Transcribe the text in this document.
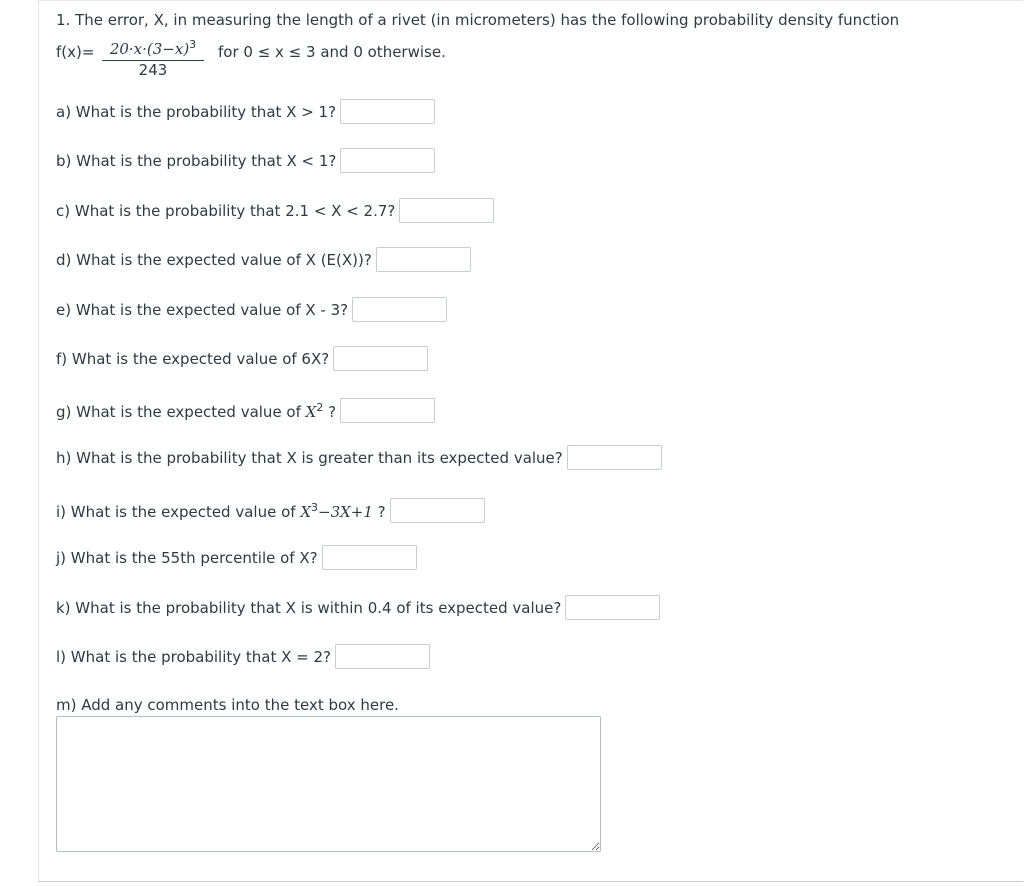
1. The error, X, in measuring the length of a rivet (in micrometers) has the following probability density function
$f(x)= \frac{20\cdot x\cdot(3-x)^3}{243}$ for 0 ≤ x ≤ 3 and 0 otherwise.
a) What is the probability that X > 1?
b) What is the probability that X < 1?
c) What is the probability that 2.1 < X < 2.7?
d) What is the expected value of X (E(X))?
e) What is the expected value of X - 3?
f) What is the expected value of 6X?
g) What is the expected value of $X^2$ ?
h) What is the probability that X is greater than its expected value?
i) What is the expected value of $X^3-3X+1$ ?
j) What is the 55th percentile of X?
k) What is the probability that X is within 0.4 of its expected value?
l) What is the probability that X = 2?
m) Add any comments into the text box here.
